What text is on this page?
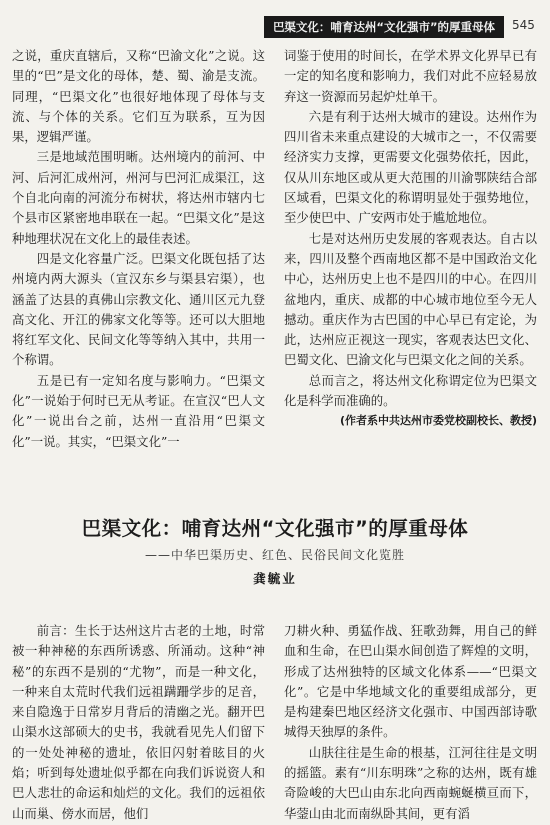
巴渠文化：哺育达州“文化强市”的厚重母体	545

之说，重庆直辖后，又称“巴渝文化”之说。这里的“巴”是文化的母体，楚、蜀、渝是支流。同理，“巴渠文化”也很好地体现了母体与支流、与个体的关系。它们互为联系，互为因果，逻辑严谨。

三是地域范围明晰。达州境内的前河、中河、后河汇成州河，州河与巴河汇成渠江，这个自北向南的河流分布树状，将达州市辖内七个县市区紧密地串联在一起。“巴渠文化”是这种地理状况在文化上的最佳表述。

四是文化容量广泛。巴渠文化既包括了达州境内两大源头（宣汉东乡与渠县宕渠），也涵盖了达县的真佛山宗教文化、通川区元九登高文化、开江的佛家文化等等。还可以大胆地将红军文化、民间文化等等纳入其中，共用一个称谓。

五是已有一定知名度与影响力。“巴渠文化”一说始于何时已无从考证。在宣汉“巴人文化”一说出台之前，达州一直沿用“巴渠文化”一说。其实，“巴渠文化”一

词鉴于使用的时间长，在学术界文化界早已有一定的知名度和影响力，我们对此不应轻易放弃这一资源而另起炉灶单干。

六是有利于达州大城市的建设。达州作为四川省未来重点建设的大城市之一，不仅需要经济实力支撑，更需要文化强势依托，因此，仅从川东地区或从更大范围的川渝鄂陕结合部区域看，巴渠文化的称谓明显处于强势地位，至少使巴中、广安两市处于尴尬地位。

七是对达州历史发展的客观表达。自古以来，四川及整个西南地区都不是中国政治文化中心，达州历史上也不是四川的中心。在四川盆地内，重庆、成都的中心城市地位至今无人撼动。重庆作为古巴国的中心早已有定论，为此，达州应正视这一现实，客观表达巴文化、巴蜀文化、巴渝文化与巴渠文化之间的关系。

总而言之，将达州文化称谓定位为巴渠文化是科学而准确的。

(作者系中共达州市委党校副校长、教授)

巴渠文化：哺育达州“文化强市”的厚重母体
——中华巴渠历史、红色、民俗民间文化览胜
龚毓业

前言：生长于达州这片古老的土地，时常被一种神秘的东西所诱惑、所涌动。这种“神秘”的东西不是别的“尤物”，而是一种文化，一种来自太荒时代我们远祖蹒跚学步的足音，来自隐逸于日常岁月背后的清幽之光。翻开巴山渠水这部硕大的史书，我就看见先人们留下的一处处神秘的遗址，依旧闪射着眩目的火焰；听到每处遗址似乎都在向我们诉说资人和巴人悲壮的命运和灿烂的文化。我们的远祖依山而巢、傍水而居，他们

刀耕火种、勇猛作战、狂歌劲舞，用自己的鲜血和生命，在巴山渠水间创造了辉煌的文明，形成了达州独特的区域文化体系——“巴渠文化”。它是中华地域文化的重要组成部分，更是构建秦巴地区经济文化强市、中国西部诗歌城得天独厚的条件。

山肤往往是生命的根基，江河往往是文明的摇篮。素有“川东明珠”之称的达州，既有雄奇险峻的大巴山由东北向西南蜿蜒横亘而下，华蓥山由北而南纵卧其间，更有滔
